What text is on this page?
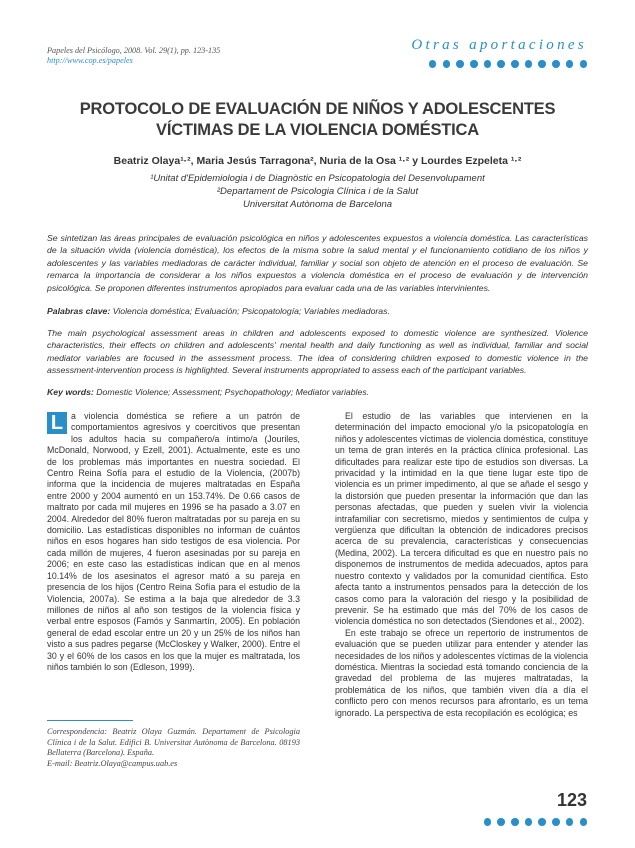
Papeles del Psicólogo, 2008. Vol. 29(1), pp. 123-135
http://www.cop.es/papeles
Otras aportaciones
PROTOCOLO DE EVALUACIÓN DE NIÑOS Y ADOLESCENTES
VÍCTIMAS DE LA VIOLENCIA DOMÉSTICA
Beatriz Olaya¹·², Maria Jesús Tarragona², Nuria de la Osa ¹·² y Lourdes Ezpeleta ¹·²
¹Unitat d'Epidemiologia i de Diagnòstic en Psicopatologia del Desenvolupament
²Departament de Psicologia Clínica i de la Salut
Universitat Autònoma de Barcelona

Se sintetizan las áreas principales de evaluación psicológica en niños y adolescentes expuestos a violencia doméstica. Las características de la situación vivida (violencia doméstica), los efectos de la misma sobre la salud mental y el funcionamiento cotidiano de los niños y adolescentes y las variables mediadoras de carácter individual, familiar y social son objeto de atención en el proceso de evaluación. Se remarca la importancia de considerar a los niños expuestos a violencia doméstica en el proceso de evaluación y de intervención psicológica. Se proponen diferentes instrumentos apropiados para evaluar cada una de las variables intervinientes.

Palabras clave: Violencia doméstica; Evaluación; Psicopatología; Variables mediadoras.

The main psychological assessment areas in children and adolescents exposed to domestic violence are synthesized. Violence characteristics, their effects on children and adolescents' mental health and daily functioning as well as individual, familiar and social mediator variables are focused in the assessment process. The idea of considering children exposed to domestic violence in the assessment-intervention process is highlighted. Several instruments appropriated to assess each of the participant variables.

Key words: Domestic Violence; Assessment; Psychopathology; Mediator variables.

L a violencia doméstica se refiere a un patrón de comportamientos agresivos y coercitivos que presentan los adultos hacia su compañero/a íntimo/a (Jouriles, McDonald, Norwood, y Ezell, 2001). Actualmente, este es uno de los problemas más importantes en nuestra sociedad. El Centro Reina Sofía para el estudio de la Violencia, (2007b) informa que la incidencia de mujeres maltratadas en España entre 2000 y 2004 aumentó en un 153.74%. De 0.66 casos de maltrato por cada mil mujeres en 1996 se ha pasado a 3.07 en 2004. Alrededor del 80% fueron maltratadas por su pareja en su domicilio. Las estadísticas disponibles no informan de cuántos niños en esos hogares han sido testigos de esa violencia. Por cada millón de mujeres, 4 fueron asesinadas por su pareja en 2006; en este caso las estadísticas indican que en al menos 10.14% de los asesinatos el agresor mató a su pareja en presencia de los hijos (Centro Reina Sofía para el estudio de la Violencia, 2007a). Se estima a la baja que alrededor de 3.3 millones de niños al año son testigos de la violencia física y verbal entre esposos (Famós y Sanmartín, 2005). En población general de edad escolar entre un 20 y un 25% de los niños han visto a sus padres pegarse (McCloskey y Walker, 2000). Entre el 30 y el 60% de los casos en los que la mujer es maltratada, los niños también lo son (Edleson, 1999).

El estudio de las variables que intervienen en la determinación del impacto emocional y/o la psicopatología en niños y adolescentes víctimas de violencia doméstica, constituye un tema de gran interés en la práctica clínica profesional. Las dificultades para realizar este tipo de estudios son diversas. La privacidad y la intimidad en la que tiene lugar este tipo de violencia es un primer impedimento, al que se añade el sesgo y la distorsión que pueden presentar la información que dan las personas afectadas, que pueden y suelen vivir la violencia intrafamiliar con secretismo, miedos y sentimientos de culpa y vergüenza que dificultan la obtención de indicadores precisos acerca de su prevalencia, características y consecuencias (Medina, 2002). La tercera dificultad es que en nuestro país no disponemos de instrumentos de medida adecuados, aptos para nuestro contexto y validados por la comunidad científica. Esto afecta tanto a instrumentos pensados para la detección de los casos como para la valoración del riesgo y la posibilidad de prevenir. Se ha estimado que más del 70% de los casos de violencia doméstica no son detectados (Siendones et al., 2002).

En este trabajo se ofrece un repertorio de instrumentos de evaluación que se pueden utilizar para entender y atender las necesidades de los niños y adolescentes víctimas de la violencia doméstica. Mientras la sociedad está tomando conciencia de la gravedad del problema de las mujeres maltratadas, la problemática de los niños, que también viven día a día el conflicto pero con menos recursos para afrontarlo, es un tema ignorado. La perspectiva de esta recopilación es ecológica; es

Correspondencia: Beatriz Olaya Guzmán. Departament de Psicologia Clínica i de la Salut. Edifici B. Universitat Autònoma de Barcelona. 08193 Bellaterra (Barcelona). España.

E-mail: Beatriz.Olaya@campus.uab.es

123
